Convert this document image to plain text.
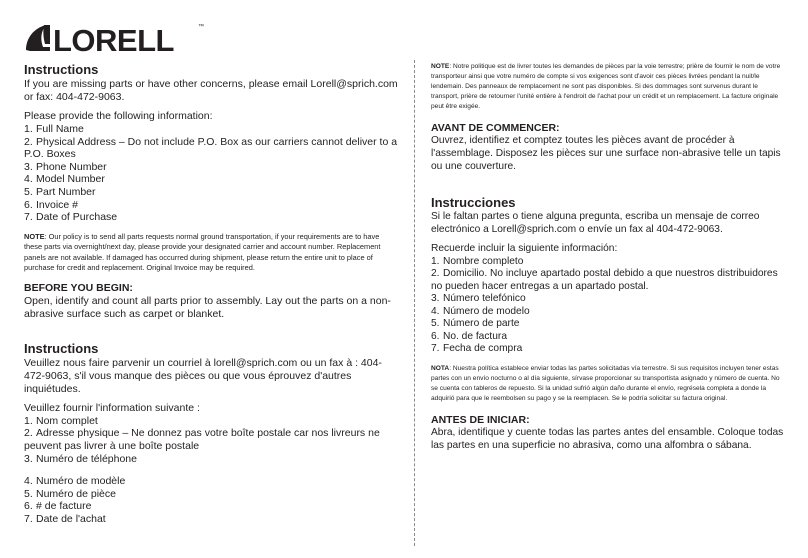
LORELL	™
Instructions

If you are missing parts or have other concerns, please email Lorell@sprich.com or fax: 404-472-9063.

Please provide the following information:

1. Full Name
2. Physical Address – Do not include P.O. Box as our carriers cannot deliver to a P.O. Boxes
3. Phone Number
4. Model Number
5. Part Number
6. Invoice #
7. Date of Purchase

NOTE: Our policy is to send all parts requests normal ground transportation, if your requirements are to have these parts via overnight/next day, please provide your designated carrier and account number. Replacement panels are not available. If damaged has occurred during shipment, please return the entire unit to place of purchase for credit and replacement. Original Invoice may be required.

BEFORE YOU BEGIN:

Open, identify and count all parts prior to assembly. Lay out the parts on a non-abrasive surface such as carpet or blanket.

Instructions

Veuillez nous faire parvenir un courriel à lorell@sprich.com ou un fax à : 404-472-9063, s'il vous manque des pièces ou que vous éprouvez d'autres inquiétudes.

Veuillez fournir l'information suivante :

1. Nom complet
2. Adresse physique – Ne donnez pas votre boîte postale car nos livreurs ne peuvent pas livrer à une boîte postale
3. Numéro de téléphone
4. Numéro de modèle
5. Numéro de pièce
6. # de facture
7. Date de l'achat

NOTE: Notre politique est de livrer toutes les demandes de pièces par la voie terrestre; prière de fournir le nom de votre transporteur ainsi que votre numéro de compte si vos exigences sont d'avoir ces pièces livrées pendant la nuit/le lendemain. Des panneaux de remplacement ne sont pas disponibles. Si des dommages sont survenus durant le transport, prière de retourner l'unité entière à l'endroit de l'achat pour un crédit et un remplacement. La facture originale peut être exigée.

AVANT DE COMMENCER:

Ouvrez, identifiez et comptez toutes les pièces avant de procéder à l'assemblage. Disposez les pièces sur une surface non-abrasive telle un tapis ou une couverture.

Instrucciones

Si le faltan partes o tiene alguna pregunta, escriba un mensaje de correo electrónico a Lorell@sprich.com o envíe un fax al 404-472-9063.

Recuerde incluir la siguiente información:

1. Nombre completo
2. Domicilio. No incluye apartado postal debido a que nuestros distribuidores no pueden hacer entregas a un apartado postal.
3. Número telefónico
4. Número de modelo
5. Número de parte
6. No. de factura
7. Fecha de compra

NOTA: Nuestra política establece enviar todas las partes solicitadas vía terrestre. Si sus requisitos incluyen tener estas partes con un envío nocturno o al día siguiente, sírvase proporcionar su transportista asignado y número de cuenta. No se cuenta con tableros de repuesto. Si la unidad sufrió algún daño durante el envío, regrésela completa a donde la adquirió para que le reembolsen su pago y se la reemplacen. Se le podría solicitar su factura original.

ANTES DE INICIAR:

Abra, identifique y cuente todas las partes antes del ensamble. Coloque todas las partes en una superficie no abrasiva, como una alfombra o sábana.
